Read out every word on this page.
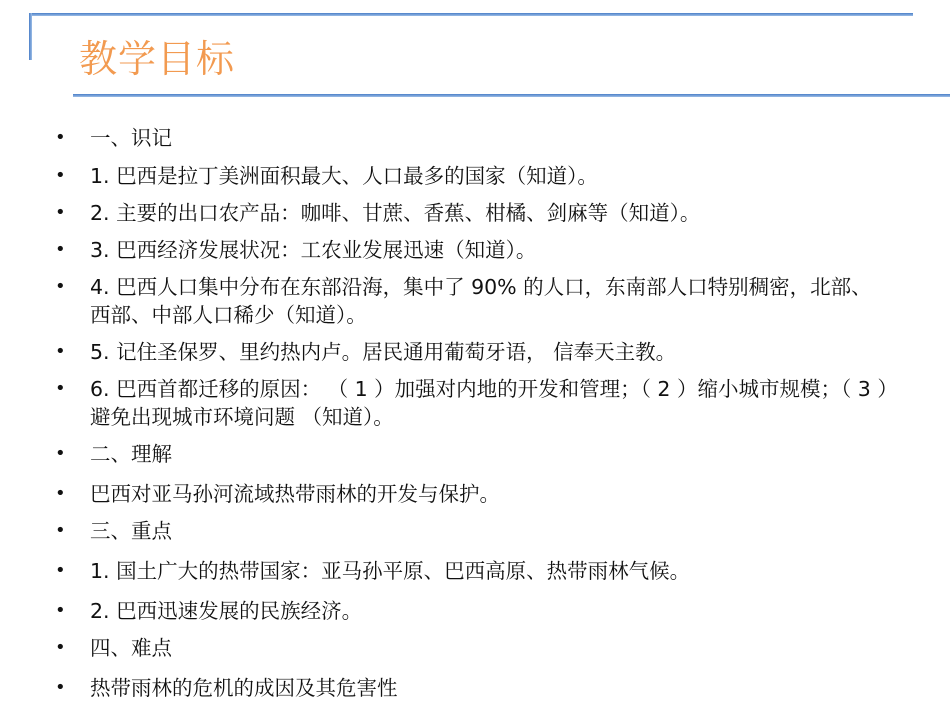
教学目标
• 一、识记
• 1. 巴西是拉丁美洲面积最大、人口最多的国家（知道）。
• 2. 主要的出口农产品：咖啡、甘蔗、香蕉、柑橘、剑麻等（知道）。
• 3. 巴西经济发展状况：工农业发展迅速（知道）。
• 4. 巴西人口集中分布在东部沿海，集中了 90% 的人口，东南部人口特别稠密，北部、西部、中部人口稀少（知道）。
• 5. 记住圣保罗、里约热内卢。居民通用葡萄牙语， 信奉天主教。
• 6. 巴西首都迁移的原因： （ 1 ）加强对内地的开发和管理；（ 2 ）缩小城市规模；（ 3 ）避免出现城市环境问题 （知道）。
• 二、理解
• 巴西对亚马孙河流域热带雨林的开发与保护。
• 三、重点
• 1. 国土广大的热带国家：亚马孙平原、巴西高原、热带雨林气候。
• 2. 巴西迅速发展的民族经济。
• 四、难点
• 热带雨林的危机的成因及其危害性
